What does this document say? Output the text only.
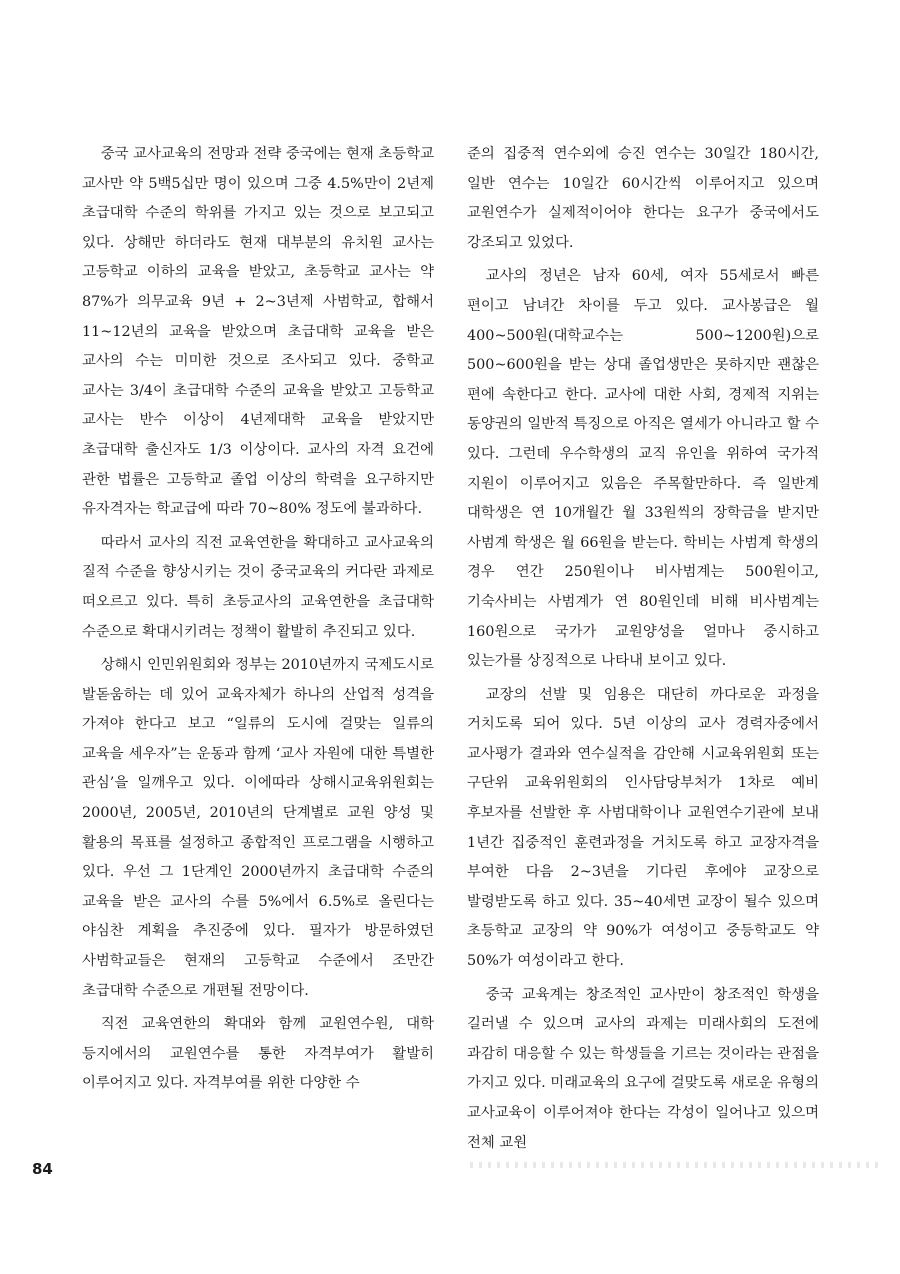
중국 교사교육의 전망과 전략 중국에는 현재 초등학교 교사만 약 5백5십만 명이 있으며 그중 4.5%만이 2년제 초급대학 수준의 학위를 가지고 있는 것으로 보고되고 있다. 상해만 하더라도 현재 대부분의 유치원 교사는 고등학교 이하의 교육을 받았고, 초등학교 교사는 약 87%가 의무교육 9년 + 2~3년제 사범학교, 합해서 11~12년의 교육을 받았으며 초급대학 교육을 받은 교사의 수는 미미한 것으로 조사되고 있다. 중학교 교사는 3/4이 초급대학 수준의 교육을 받았고 고등학교 교사는 반수 이상이 4년제대학 교육을 받았지만 초급대학 출신자도 1/3 이상이다. 교사의 자격 요건에 관한 법률은 고등학교 졸업 이상의 학력을 요구하지만 유자격자는 학교급에 따라 70~80% 정도에 불과하다.

따라서 교사의 직전 교육연한을 확대하고 교사교육의 질적 수준을 향상시키는 것이 중국교육의 커다란 과제로 떠오르고 있다. 특히 초등교사의 교육연한을 초급대학 수준으로 확대시키려는 정책이 활발히 추진되고 있다.

상해시 인민위원회와 정부는 2010년까지 국제도시로 발돋움하는 데 있어 교육자체가 하나의 산업적 성격을 가져야 한다고 보고 “일류의 도시에 걸맞는 일류의 교육을 세우자”는 운동과 함께 ‘교사 자원에 대한 특별한 관심’을 일깨우고 있다. 이에따라 상해시교육위원회는 2000년, 2005년, 2010년의 단계별로 교원 양성 및 활용의 목표를 설정하고 종합적인 프로그램을 시행하고 있다. 우선 그 1단계인 2000년까지 초급대학 수준의 교육을 받은 교사의 수를 5%에서 6.5%로 올린다는 야심찬 계획을 추진중에 있다. 필자가 방문하였던 사범학교들은 현재의 고등학교 수준에서 조만간 초급대학 수준으로 개편될 전망이다.

직전 교육연한의 확대와 함께 교원연수원, 대학 등지에서의 교원연수를 통한 자격부여가 활발히 이루어지고 있다. 자격부여를 위한 다양한 수

준의 집중적 연수외에 승진 연수는 30일간 180시간, 일반 연수는 10일간 60시간씩 이루어지고 있으며 교원연수가 실제적이어야 한다는 요구가 중국에서도 강조되고 있었다.

교사의 정년은 남자 60세, 여자 55세로서 빠른 편이고 남녀간 차이를 두고 있다. 교사봉급은 월 400~500원(대학교수는 500~1200원)으로 500~600원을 받는 상대 졸업생만은 못하지만 괜찮은 편에 속한다고 한다. 교사에 대한 사회, 경제적 지위는 동양권의 일반적 특징으로 아직은 열세가 아니라고 할 수 있다. 그런데 우수학생의 교직 유인을 위하여 국가적 지원이 이루어지고 있음은 주목할만하다. 즉 일반계 대학생은 연 10개월간 월 33원씩의 장학금을 받지만 사범계 학생은 월 66원을 받는다. 학비는 사범계 학생의 경우 연간 250원이나 비사범계는 500원이고, 기숙사비는 사범계가 연 80원인데 비해 비사범계는 160원으로 국가가 교원양성을 얼마나 중시하고 있는가를 상징적으로 나타내 보이고 있다.

교장의 선발 및 임용은 대단히 까다로운 과정을 거치도록 되어 있다. 5년 이상의 교사 경력자중에서 교사평가 결과와 연수실적을 감안해 시교육위원회 또는 구단위 교육위원회의 인사담당부처가 1차로 예비 후보자를 선발한 후 사범대학이나 교원연수기관에 보내 1년간 집중적인 훈련과정을 거치도록 하고 교장자격을 부여한 다음 2~3년을 기다린 후에야 교장으로 발령받도록 하고 있다. 35~40세면 교장이 될수 있으며 초등학교 교장의 약 90%가 여성이고 중등학교도 약 50%가 여성이라고 한다.

중국 교육계는 창조적인 교사만이 창조적인 학생을 길러낼 수 있으며 교사의 과제는 미래사회의 도전에 과감히 대응할 수 있는 학생들을 기르는 것이라는 관점을 가지고 있다. 미래교육의 요구에 걸맞도록 새로운 유형의 교사교육이 이루어져야 한다는 각성이 일어나고 있으며 전체 교원

84
